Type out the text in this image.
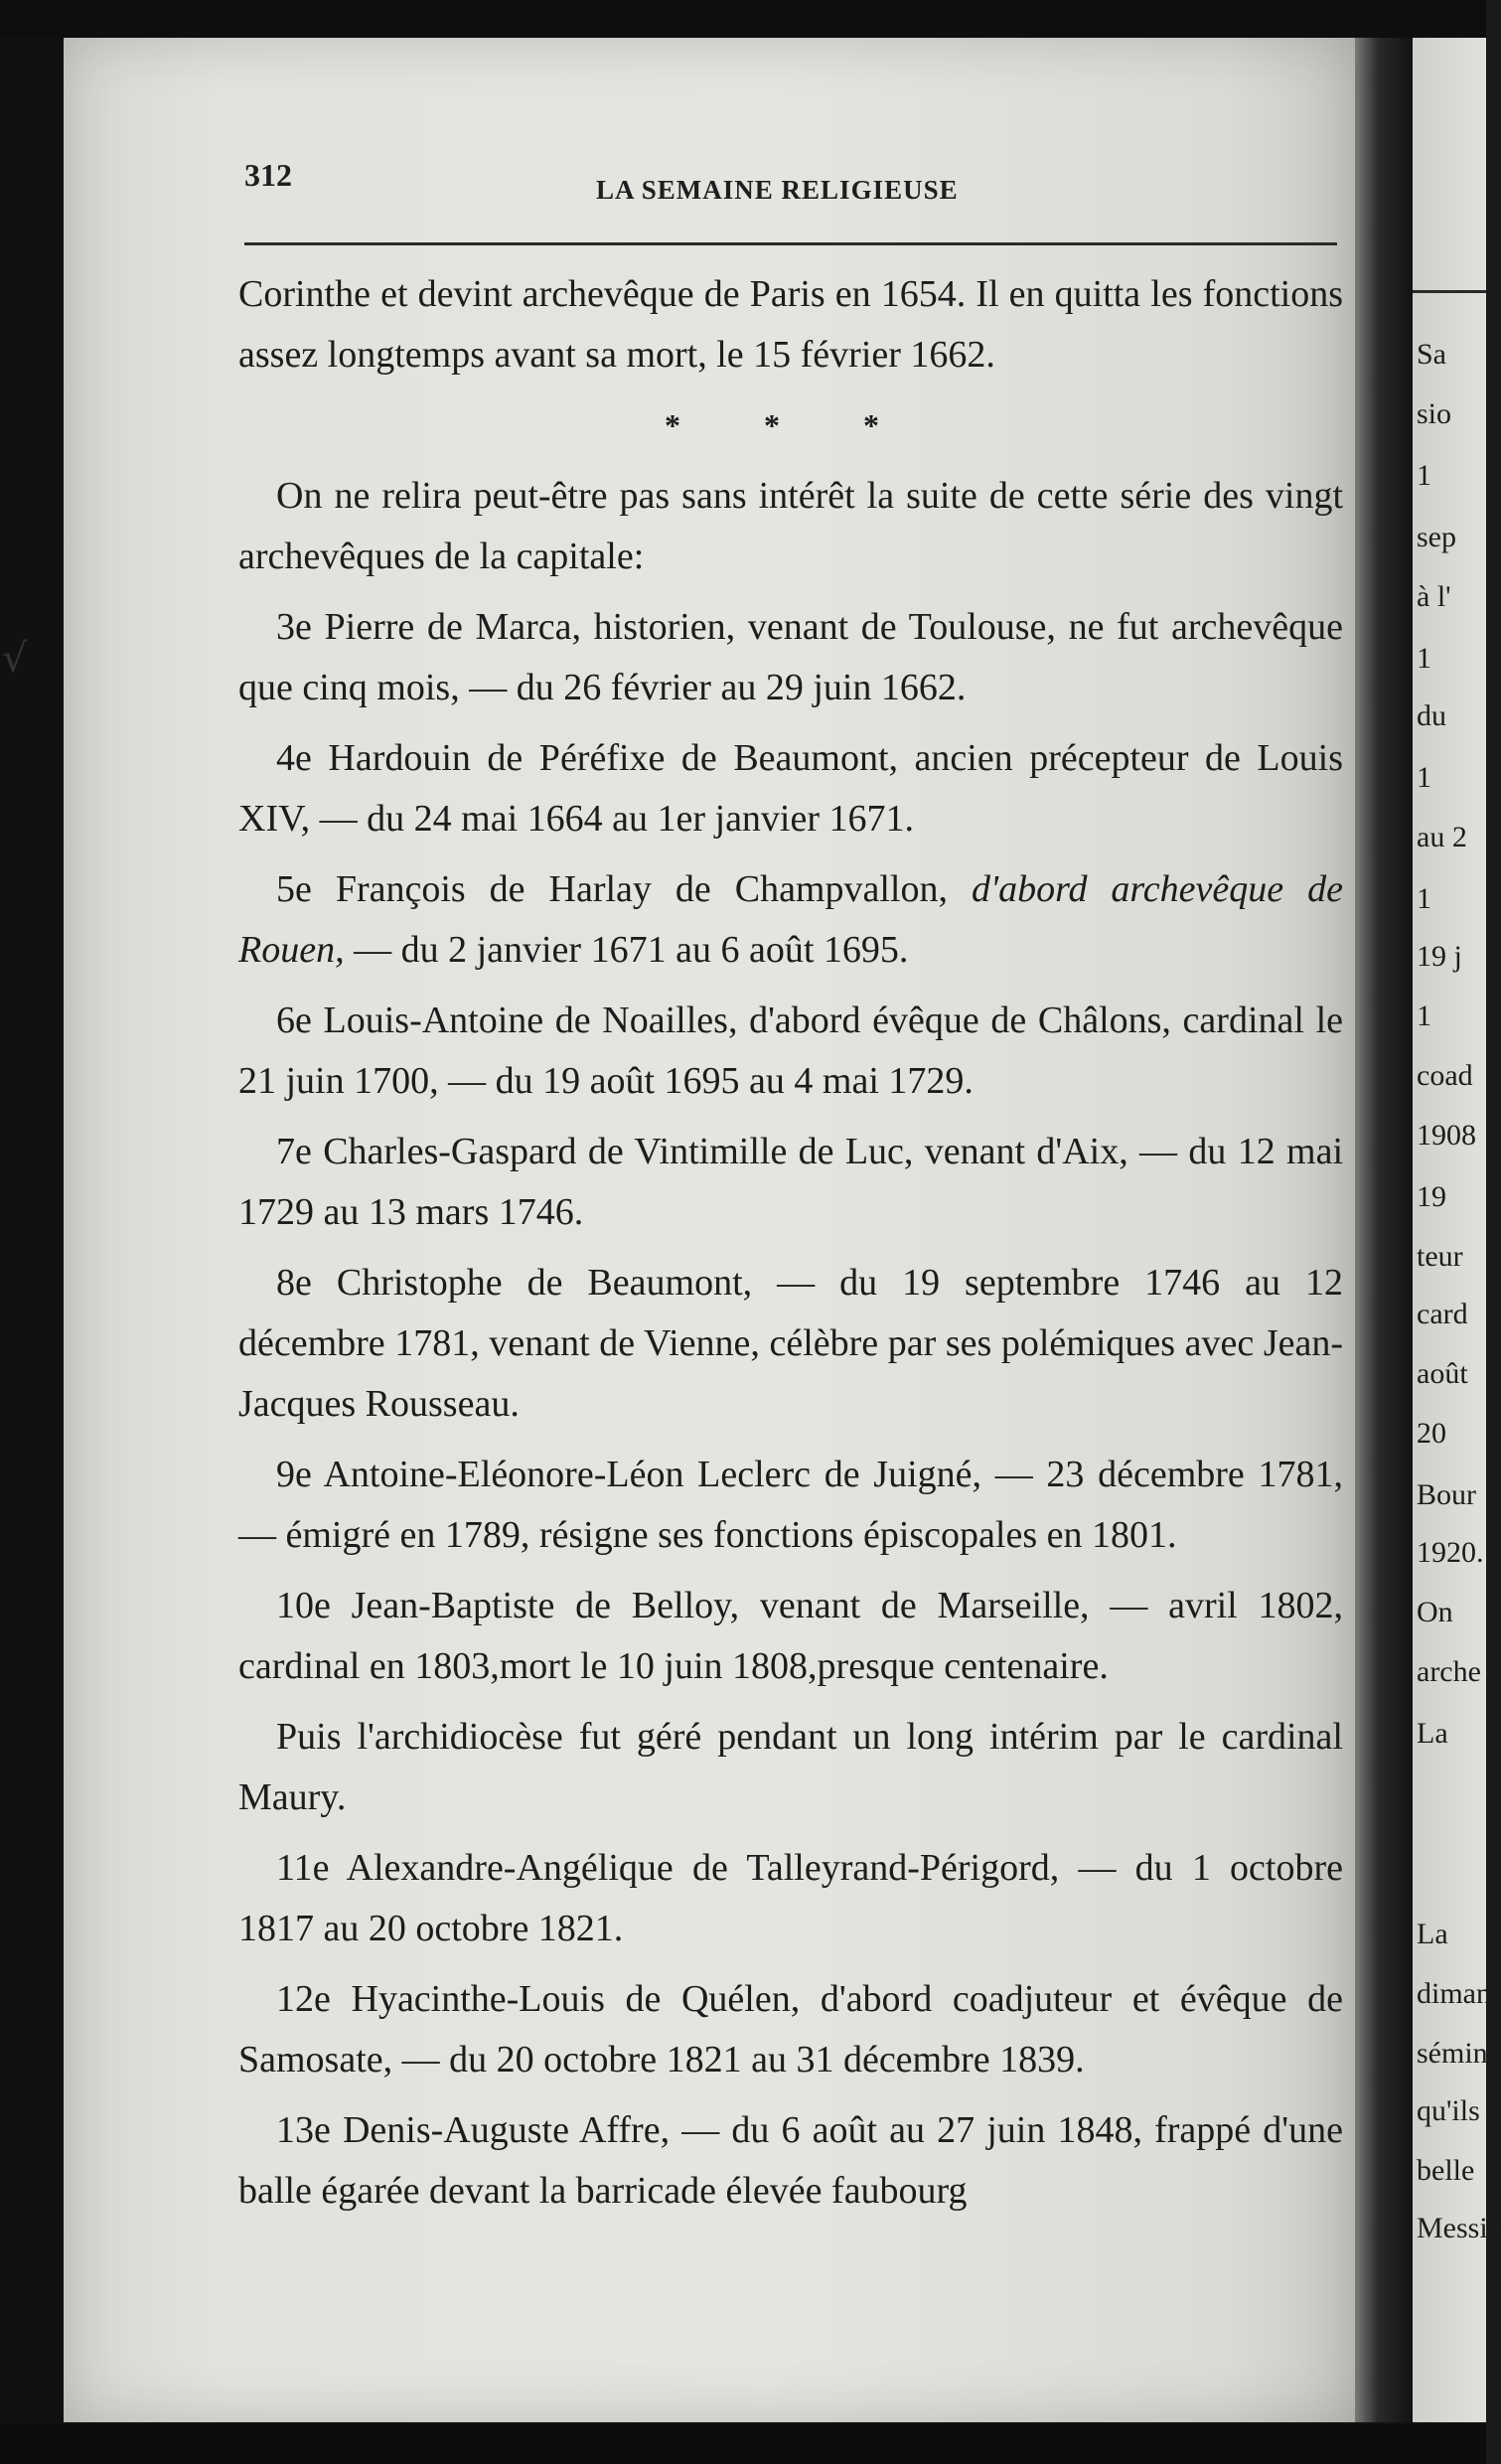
312	LA SEMAINE RELIGIEUSE

Corinthe et devint archevêque de Paris en 1654. Il en quitta les fonctions assez longtemps avant sa mort, le 15 février 1662.

* * *

On ne relira peut-être pas sans intérêt la suite de cette série des vingt archevêques de la capitale:

3e Pierre de Marca, historien, venant de Toulouse, ne fut archevêque que cinq mois, — du 26 février au 29 juin 1662.

4e Hardouin de Péréfixe de Beaumont, ancien précepteur de Louis XIV, — du 24 mai 1664 au 1er janvier 1671.

5e François de Harlay de Champvallon, d'abord archevêque de Rouen, — du 2 janvier 1671 au 6 août 1695.

6e Louis-Antoine de Noailles, d'abord évêque de Châlons, cardinal le 21 juin 1700, — du 19 août 1695 au 4 mai 1729.

7e Charles-Gaspard de Vintimille de Luc, venant d'Aix, — du 12 mai 1729 au 13 mars 1746.

8e Christophe de Beaumont, — du 19 septembre 1746 au 12 décembre 1781, venant de Vienne, célèbre par ses polémiques avec Jean-Jacques Rousseau.

9e Antoine-Eléonore-Léon Leclerc de Juigné, — 23 décembre 1781, — émigré en 1789, résigne ses fonctions épiscopales en 1801.

10e Jean-Baptiste de Belloy, venant de Marseille, — avril 1802, cardinal en 1803,mort le 10 juin 1808,presque centenaire.

Puis l'archidiocèse fut géré pendant un long intérim par le cardinal Maury.

11e Alexandre-Angélique de Talleyrand-Périgord, — du 1 octobre 1817 au 20 octobre 1821.

12e Hyacinthe-Louis de Quélen, d'abord coadjuteur et évêque de Samosate, — du 20 octobre 1821 au 31 décembre 1839.

13e Denis-Auguste Affre, — du 6 août au 27 juin 1848, frappé d'une balle égarée devant la barricade élevée faubourg

Sa
sio
1
sep
à l'
1
du
1
au 2
1
19 j
1
coad
1908
19
teur
card
août
20
Bour
1920.
On
arche
La
La
diman
sémin
qu'ils
belle
Messie
√
